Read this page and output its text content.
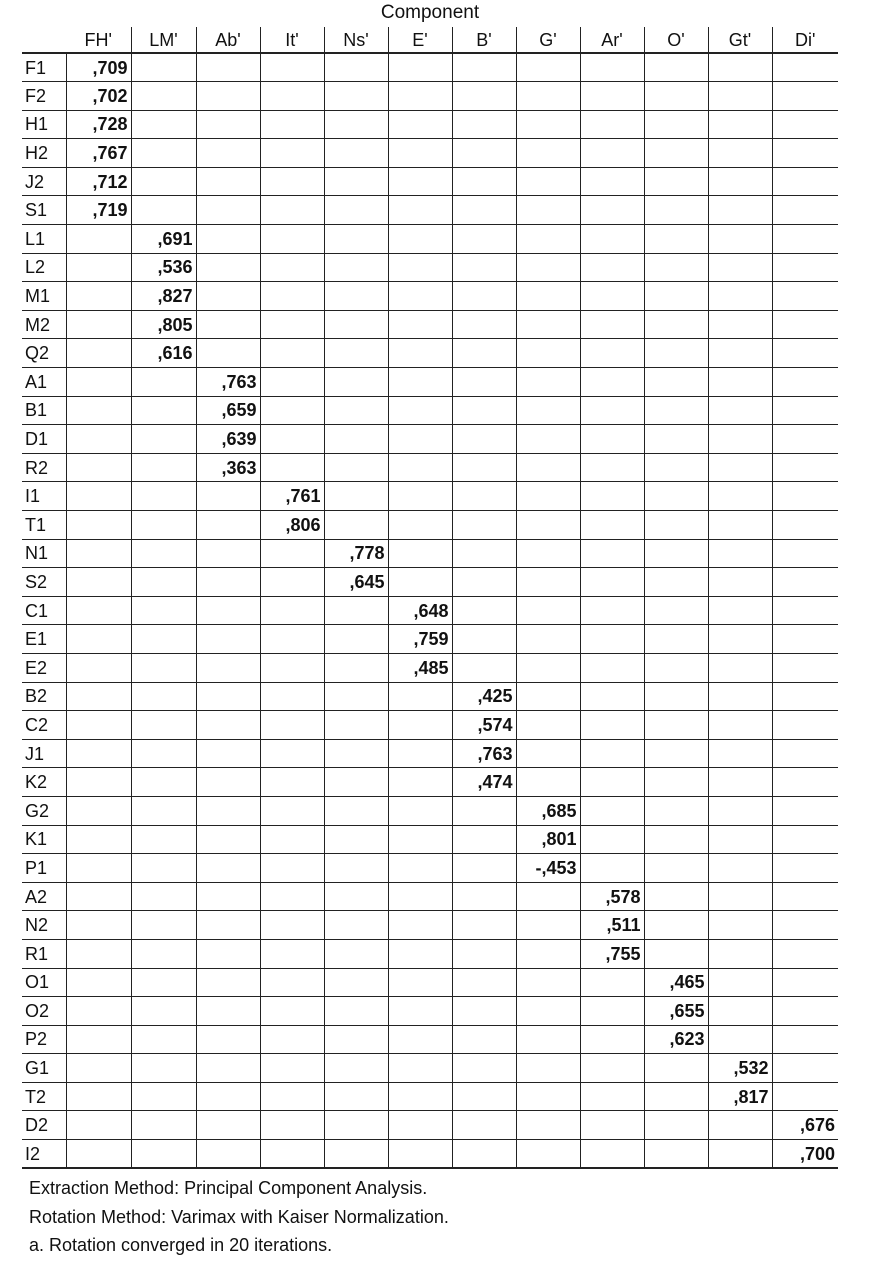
Component
	FH'	LM'	Ab'	It'	Ns'	E'	B'	G'	Ar'	O'	Gt'	Di'
F1	,709											
F2	,702											
H1	,728											
H2	,767											
J2	,712											
S1	,719											
L1		,691										
L2		,536										
M1		,827										
M2		,805										
Q2		,616										
A1			,763									
B1			,659									
D1			,639									
R2			,363									
I1				,761								
T1				,806								
N1					,778							
S2					,645							
C1						,648						
E1						,759						
E2						,485						
B2							,425					
C2							,574					
J1							,763					
K2							,474					
G2								,685				
K1								,801				
P1								-,453				
A2									,578			
N2									,511			
R1									,755			
O1										,465		
O2										,655		
P2										,623		
G1											,532	
T2											,817	
D2												,676
I2												,700
Extraction Method: Principal Component Analysis.
Rotation Method: Varimax with Kaiser Normalization.
a. Rotation converged in 20 iterations.
